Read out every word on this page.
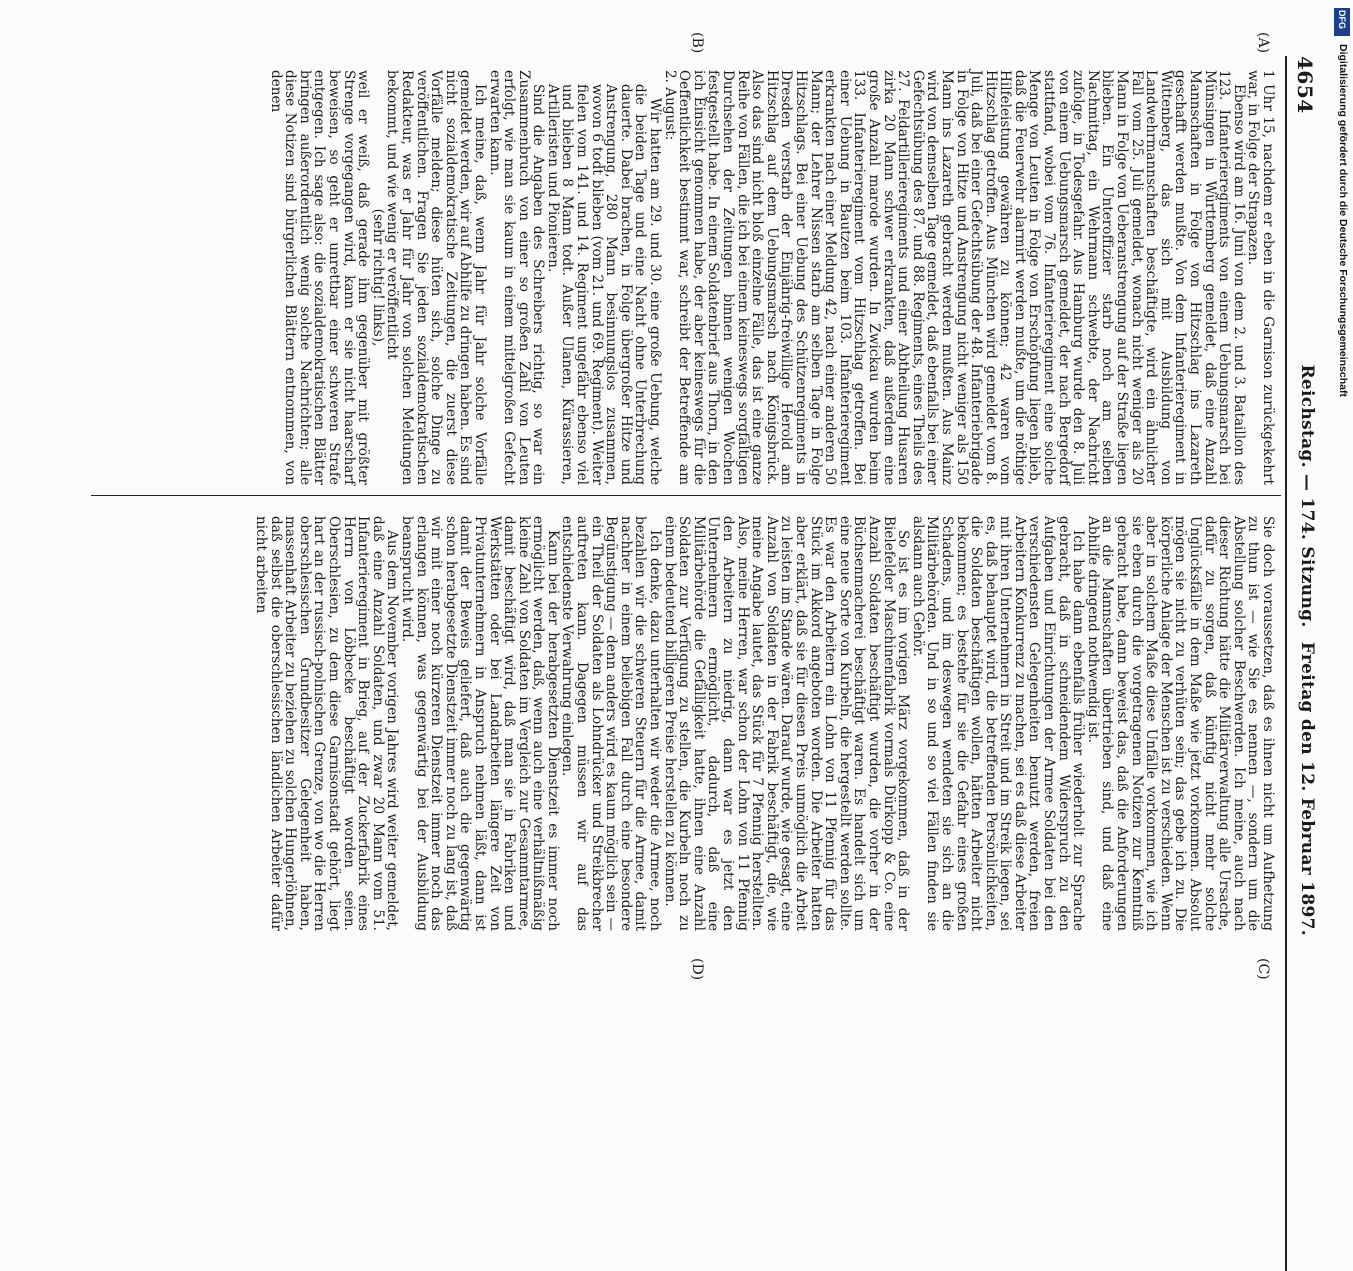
4654
Reichstag. — 174. Sitzung.
Freitag den 12. Februar 1897.
(A)
(B)
(C)
(D)

1 Uhr 15, nachdem er eben in die Garnison zurückgekehrt war, in Folge der Strapazen.

Ebenso wird am 16. Juni von dem 2. und 3. Bataillon des 123. Infanterieregiments von einem Uebungsmarsch bei Münsingen in Württemberg gemeldet, daß eine Anzahl Mannschaften in Folge von Hitzschlag ins Lazareth geschafft werden mußte. Von dem Infanterieregiment in Wittenberg, das sich mit Ausbildung von Landwehrmannschaften beschäftigte, wird ein ähnlicher Fall vom 25. Juli gemeldet, wonach nicht weniger als 20 Mann in Folge von Ueberanstrengung auf der Straße liegen blieben. Ein Unteroffizier starb noch am selben Nachmittag, ein Wehrmann schwebte, der Nachricht zufolge, in Todesgefahr. Aus Hamburg wurde den 8. Juli von einem Uebungsmarsch gemeldet, der nach Bergedorf stattfand, wobei vom 76. Infanterieregiment eine solche Menge von Leuten in Folge von Erschöpfung liegen blieb, daß die Feuerwehr alarmirt werden mußte, um die nöthige Hilfeleistung gewähren zu können; 42 waren vom Hitzschlag getroffen. Aus München wird gemeldet vom 8. Juli, daß bei einer Gefechtsübung der 48. Infanteriebrigade in Folge von Hitze und Anstrengung nicht weniger als 150 Mann ins Lazareth gebracht werden mußten. Aus Mainz wird von demselben Tage gemeldet, daß ebenfalls bei einer Gefechtsübung des 87. und 88. Regiments, eines Theils des 27. Feldartillerieregiments und einer Abtheilung Husaren zirka 20 Mann schwer erkrankten, daß außerdem eine große Anzahl marode wurden. In Zwickau wurden beim 133. Infanterieregiment vom Hitzschlag getroffen. Bei einer Uebung in Bautzen beim 103. Infanterieregiment erkrankten nach einer Meldung 42, nach einer anderen 50 Mann; der Lehrer Nissen starb am selben Tage in Folge Hitzschlags. Bei einer Uebung des Schützenregiments in Dresden verstarb der Einjährig-freiwillige Herold am Hitzschlag auf dem Uebungsmarsch nach Königsbrück. Also das sind nicht bloß einzelne Fälle, das ist eine ganze Reihe von Fällen, die ich bei einem keineswegs sorgfältigen Durchsehen der Zeitungen binnen wenigen Wochen festgestellt habe. In einem Soldatenbrief aus Thorn, in den ich Einsicht genommen habe, der aber keineswegs für die Oeffentlichkeit bestimmt war, schreibt der Betreffende am 2. August:

Wir hatten am 29. und 30. eine große Uebung, welche die beiden Tage und eine Nacht ohne Unterbrechung dauerte. Dabei brachen, in Folge übergroßer Hitze und Anstrengung, 280 Mann besinnungslos zusammen, wovon 6 todt blieben (vom 21. und 69. Regiment). Weiter fielen vom 141. und 14. Regiment ungefähr ebenso viel und blieben 8 Mann todt. Außer Ulanen, Kürassieren, Artilleristen und Pionieren.

Sind die Angaben des Schreibers richtig, so war ein Zusammenbruch von einer so großen Zahl von Leuten erfolgt, wie man sie kaum in einem mittelgroßen Gefecht erwarten kann.

Ich meine, daß, wenn Jahr für Jahr solche Vorfälle gemeldet werden, wir auf Abhilfe zu dringen haben. Es sind nicht sozialdemokratische Zeitungen, die zuerst diese Vorfälle melden; diese hüten sich, solche Dinge zu veröffentlichen. Fragen Sie jeden sozialdemokratischen Redakteur, was er Jahr für Jahr von solchen Meldungen bekommt, und wie wenig er veröffentlicht

(sehr richtig! links),

weil er weiß, daß gerade ihm gegenüber mit größter Strenge vorgegangen wird, kann er sie nicht haarscharf beweisen, so geht er unrettbar einer schweren Strafe entgegen. Ich sage also: die sozialdemokratischen Blätter bringen außerordentlich wenig solche Nachrichten; alle diese Notizen sind bürgerlichen Blättern entnommen, von denen

Sie doch voraussetzen, daß es ihnen nicht um Aufhetzung zu thun ist — wie Sie es nennen —, sondern um die Abstellung solcher Beschwerden. Ich meine, auch nach dieser Richtung hätte die Militärverwaltung alle Ursache, dafür zu sorgen, daß künftig nicht mehr solche Unglücksfälle in dem Maße wie jetzt vorkommen. Absolut mögen sie nicht zu verhüten sein; das gebe ich zu. Die körperliche Anlage der Menschen ist zu verschieden. Wenn aber in solchem Maße diese Unfälle vorkommen, wie ich sie eben durch die vorgetragenen Notizen zur Kenntniß gebracht habe, dann beweist das, daß die Anforderungen an die Mannschaften übertrieben sind, und daß eine Abhilfe dringend nothwendig ist.

Ich habe dann ebenfalls früher wiederholt zur Sprache gebracht, daß in schneidendem Widerspruch zu den Aufgaben und Einrichtungen der Armee Soldaten bei den verschiedensten Gelegenheiten benutzt werden, freien Arbeitern Konkurrenz zu machen, sei es daß diese Arbeiter mit ihren Unternehmern in Streit und im Streik liegen, sei es, daß behauptet wird, die betreffenden Persönlichkeiten, die Soldaten beschäftigen wollen, hätten Arbeiter nicht bekommen; es bestehe für sie die Gefahr eines großen Schadens, und im deswegen wendeten sie sich an die Militärbehörden. Und in so und so viel Fällen finden sie alsdann auch Gehör.

So ist es im vorigen März vorgekommen, daß in der Bielefelder Maschinenfabrik vormals Dürkopp & Co. eine Anzahl Soldaten beschäftigt wurden, die vorher in der Büchsenmacherei beschäftigt waren. Es handelt sich um eine neue Sorte von Kurbeln, die hergestellt werden sollte. Es war den Arbeitern ein Lohn von 11 Pfennig für das Stück im Akkord angeboten worden. Die Arbeiter hatten aber erklärt, daß sie für diesen Preis unmöglich die Arbeit zu leisten im Stande wären. Darauf wurde, wie gesagt, eine Anzahl von Soldaten in der Fabrik beschäftigt, die, wie meine Angabe lautet, das Stück für 7 Pfennig herstellten. Also, meine Herren, war schon der Lohn von 11 Pfennig den Arbeitern zu niedrig, dann war es jetzt den Unternehmern ermöglicht, dadurch, daß eine Militärbehörde die Gefälligkeit hatte, ihnen eine Anzahl Soldaten zur Verfügung zu stellen, die Kurbeln noch zu einem bedeutend billigeren Preise herstellen zu können.

Ich denke, dazu unterhalten wir weder die Armee, noch bezahlen wir die schweren Steuern für die Armee, damit nachher in einem beliebigen Fall durch eine besondere Begünstigung — denn anders wird es kaum möglich sein — ein Theil der Soldaten als Lohndrücker und Streikbrecher auftreten kann. Dagegen müssen wir auf das entschiedenste Verwahrung einlegen.

Kann bei der herabgesetzten Dienstzeit es immer noch ermöglicht werden, daß, wenn auch eine verhältnißmäßig kleine Zahl von Soldaten im Vergleich zur Gesammtarmee, damit beschäftigt wird, daß man sie in Fabriken und Werkstätten oder bei Landarbeiten längere Zeit von Privatunternehmern in Anspruch nehmen läßt, dann ist damit der Beweis geliefert, daß auch die gegenwärtig schon herabgesetzte Dienstzeit immer noch zu lang ist, daß wir mit einer noch kürzeren Dienstzeit immer noch das erlangen können, was gegenwärtig bei der Ausbildung beansprucht wird.

Aus dem November vorigen Jahres wird weiter gemeldet, daß eine Anzahl Soldaten, und zwar 20 Mann vom 51. Infanterieregiment in Brieg, auf der Zuckerfabrik eines Herrn von Löbbecke beschäftigt worden seien. Oberschlesien, zu dem diese Garnisonstadt gehört, liegt hart an der russisch-polnischen Grenze, von wo die Herren oberschlesischen Grundbesitzer Gelegenheit haben, massenhaft Arbeiter zu beziehen zu solchen Hungerlöhnen, daß selbst die oberschlesischen ländlichen Arbeiter dafür nicht arbeiten

DFG
Digitalisierung gefördert durch die Deutsche Forschungsgemeinschaft
